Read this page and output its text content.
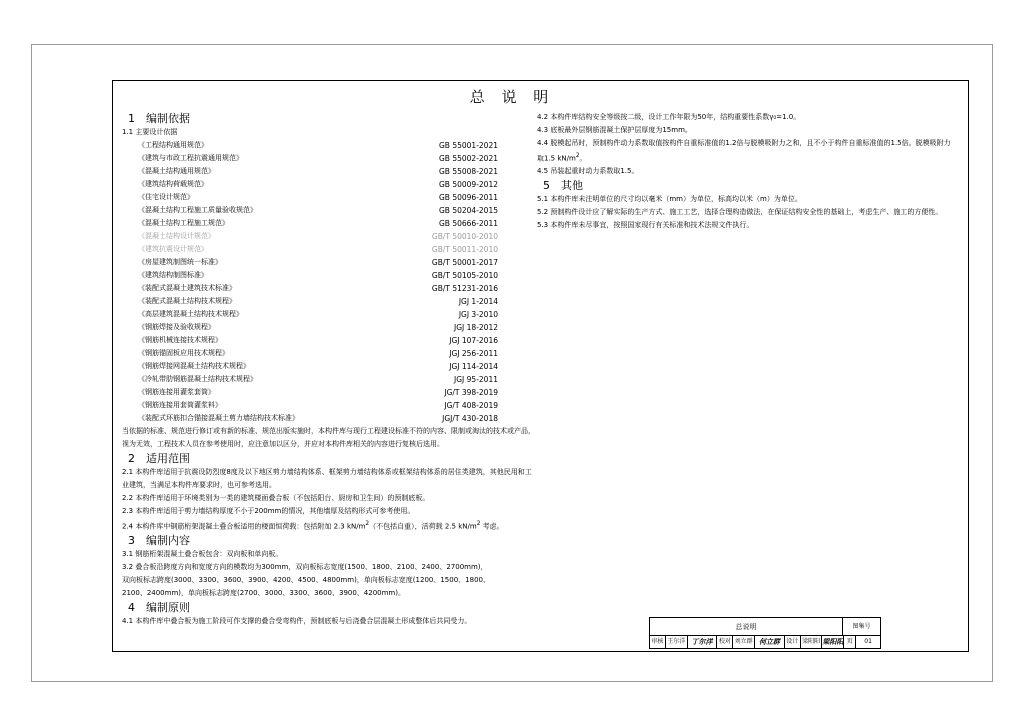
总 说 明
1 编制依据
1.1 主要设计依据
《工程结构通用规范》	GB 55001-2021
《建筑与市政工程抗震通用规范》	GB 55002-2021
《混凝土结构通用规范》	GB 55008-2021
《建筑结构荷载规范》	GB 50009-2012
《住宅设计规范》	GB 50096-2011
《混凝土结构工程施工质量验收规范》	GB 50204-2015
《混凝土结构工程施工规范》	GB 50666-2011
《混凝土结构设计规范》	GB/T 50010-2010
《建筑抗震设计规范》	GB/T 50011-2010
《房屋建筑制图统一标准》	GB/T 50001-2017
《建筑结构制图标准》	GB/T 50105-2010
《装配式混凝土建筑技术标准》	GB/T 51231-2016
《装配式混凝土结构技术规程》	JGJ 1-2014
《高层建筑混凝土结构技术规程》	JGJ 3-2010
《钢筋焊接及验收规程》	JGJ 18-2012
《钢筋机械连接技术规程》	JGJ 107-2016
《钢筋锚固板应用技术规程》	JGJ 256-2011
《钢筋焊接网混凝土结构技术规程》	JGJ 114-2014
《冷轧带肋钢筋混凝土结构技术规程》	JGJ 95-2011
《钢筋连接用灌浆套筒》	JG/T 398-2019
《钢筋连接用套筒灌浆料》	JG/T 408-2019
《装配式环筋扣合锚接混凝土剪力墙结构技术标准》	JGJ/T 430-2018
当依据的标准、规范进行修订或有新的标准、规范出版实施时，本构件库与现行工程建设标准不符的内容、限制或淘汰的技术或产品，
视为无效，工程技术人员在参考使用时，应注意加以区分，并应对本构件库相关的内容进行复核后选用。
2 适用范围
2.1 本构件库适用于抗震设防烈度8度及以下地区剪力墙结构体系、框架剪力墙结构体系或框架结构体系的居住类建筑，其他民用和工
业建筑，当满足本构件库要求时，也可参考选用。
2.2 本构件库适用于环境类别为一类的建筑楼面叠合板（不包括阳台、厨房和卫生间）的预制底板。
2.3 本构件库适用于剪力墙结构厚度不小于200mm的情况，其他墙厚及结构形式可参考使用。
2.4 本构件库中钢筋桁架混凝土叠合板适用的楼面恒荷载：包括附加 2.3 $kN/m^2$（不包括自重），活荷载 2.5 $kN/m^2$ 考虑。
3 编制内容
3.1 钢筋桁架混凝土叠合板包含：双向板和单向板。
3.2 叠合板沿跨度方向和宽度方向的模数均为300mm，双向板标志宽度(1500、1800、2100、2400、2700mm)，
双向板标志跨度(3000、3300、3600、3900、4200、4500、4800mm)，单向板标志宽度(1200、1500、1800、
2100、2400mm)，单向板标志跨度(2700、3000、3300、3600、3900、4200mm)。
4 编制原则
4.1 本构件库中叠合板为施工阶段可作支撑的叠合受弯构件，预制底板与后浇叠合层混凝土形成整体后共同受力。
4.2 本构件库结构安全等级按二级，设计工作年限为50年，结构重要性系数γ₀=1.0。
4.3 底板最外层钢筋混凝土保护层厚度为15mm。
4.4 脱模起吊时，预制构件动力系数取值按构件自重标准值的1.2倍与脱模吸附力之和，且不小于构件自重标准值的1.5倍。脱模吸附力
取1.5 $kN/m^2$。
4.5 吊装起重时动力系数取1.5。
5 其他
5.1 本构件库未注明单位的尺寸均以毫米（mm）为单位，标高均以米（m）为单位。
5.2 预制构件设计应了解实际的生产方式、施工工艺，选择合理构造做法，在保证结构安全性的基础上，考虑生产、施工的方便性。
5.3 本构件库未尽事宜，按照国家现行有关标准和技术法规文件执行。
总说明	图集号
审核 王尔洋 丁尔洋	校对 刘立群 何立群	设计 梁阳阳 梁阳阳 页	01
